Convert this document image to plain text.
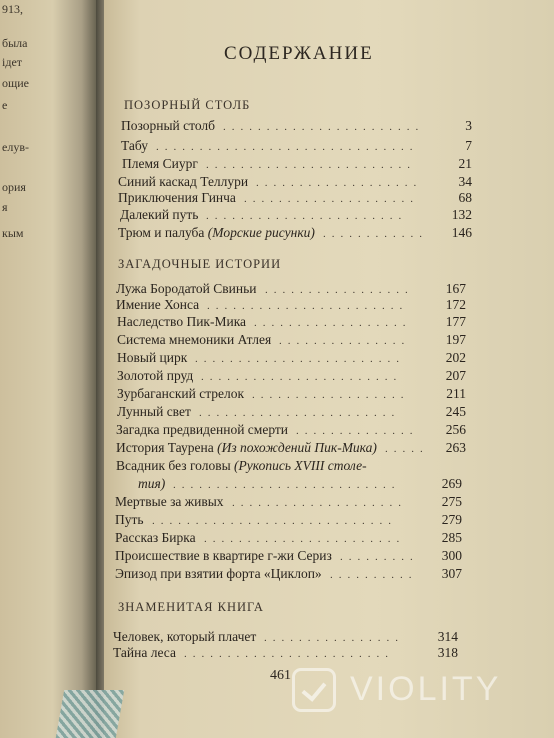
913,
была
ідет
ощие
е
елув-
ория
я
кым
СОДЕРЖАНИЕ
ПОЗОРНЫЙ СТОЛБ
Позорный столб .......................	3
Табу ..............................	7
Племя Сиург ........................	21
Синий каскад Теллури ...................	34
Приключения Гинча ....................	68
Далекий путь .......................	132
Трюм и палуба (Морские рисунки) ............ 146
ЗАГАДОЧНЫЕ ИСТОРИИ
Лужа Бородатой Свиньи ................. 167
Имение Хонса .......................	172
Наследство Пик-Мика ..................	177
Система мнемоники Атлея ...............	197
Новый цирк ........................	202
Золотой пруд .......................	207
Зурбаганский стрелок ..................	211
Лунный свет .......................	245
Загадка предвиденной смерти .............. 256
История Таурена (Из похождений Пик-Мика) ..... 263
Всадник без головы (Рукопись XVIII столе-
тия) ..........................	269
Мертвые за живых ....................	275
Путь ............................	279
Рассказ Бирка .......................	285
Происшествие в квартире г-жи Сериз ......... 300
Эпизод при взятии форта «Циклоп» .......... 307
ЗНАМЕНИТАЯ КНИГА
Человек, который плачет ................	314
Тайна леса ........................	318
461 VIOLITY
